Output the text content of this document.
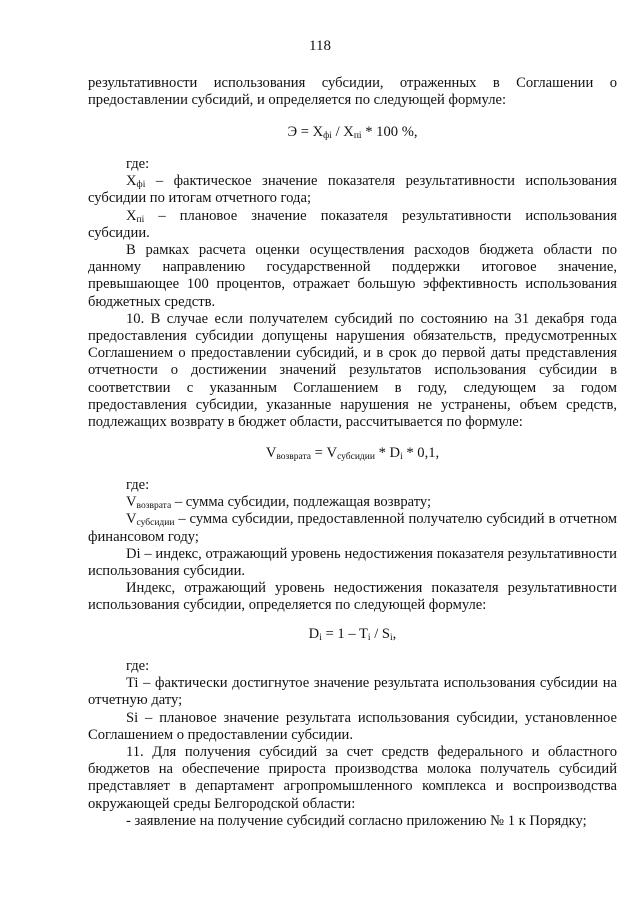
118

результативности использования субсидии, отраженных в Соглашении о предоставлении субсидий, и определяется по следующей формуле:

$Э = Х_{фi} / Х_{пi} * 100$ %,

где:

$Х_{фi}$ – фактическое значение показателя результативности использования субсидии по итогам отчетного года;

$Х_{пi}$ – плановое значение показателя результативности использования субсидии.

В рамках расчета оценки осуществления расходов бюджета области по данному направлению государственной поддержки итоговое значение, превышающее 100 процентов, отражает большую эффективность использования бюджетных средств.

10. В случае если получателем субсидий по состоянию на 31 декабря года предоставления субсидии допущены нарушения обязательств, предусмотренных Соглашением о предоставлении субсидий, и в срок до первой даты представления отчетности о достижении значений результатов использования субсидии в соответствии с указанным Соглашением в году, следующем за годом предоставления субсидии, указанные нарушения не устранены, объем средств, подлежащих возврату в бюджет области, рассчитывается по формуле:

$V_{возврата} = V_{субсидии} * D_i * 0,1$,

где:

$V_{возврата}$ – сумма субсидии, подлежащая возврату;

$V_{субсидии}$ – сумма субсидии, предоставленной получателю субсидий в отчетном финансовом году;

Di – индекс, отражающий уровень недостижения показателя результативности использования субсидии.

Индекс, отражающий уровень недостижения показателя результативности использования субсидии, определяется по следующей формуле:

$D_i = 1 - T_i / S_i$,

где:

Ti – фактически достигнутое значение результата использования субсидии на отчетную дату;

Si – плановое значение результата использования субсидии, установленное Соглашением о предоставлении субсидии.

11. Для получения субсидий за счет средств федерального и областного бюджетов на обеспечение прироста производства молока получатель субсидий представляет в департамент агропромышленного комплекса и воспроизводства окружающей среды Белгородской области:

- заявление на получение субсидий согласно приложению № 1 к Порядку;
